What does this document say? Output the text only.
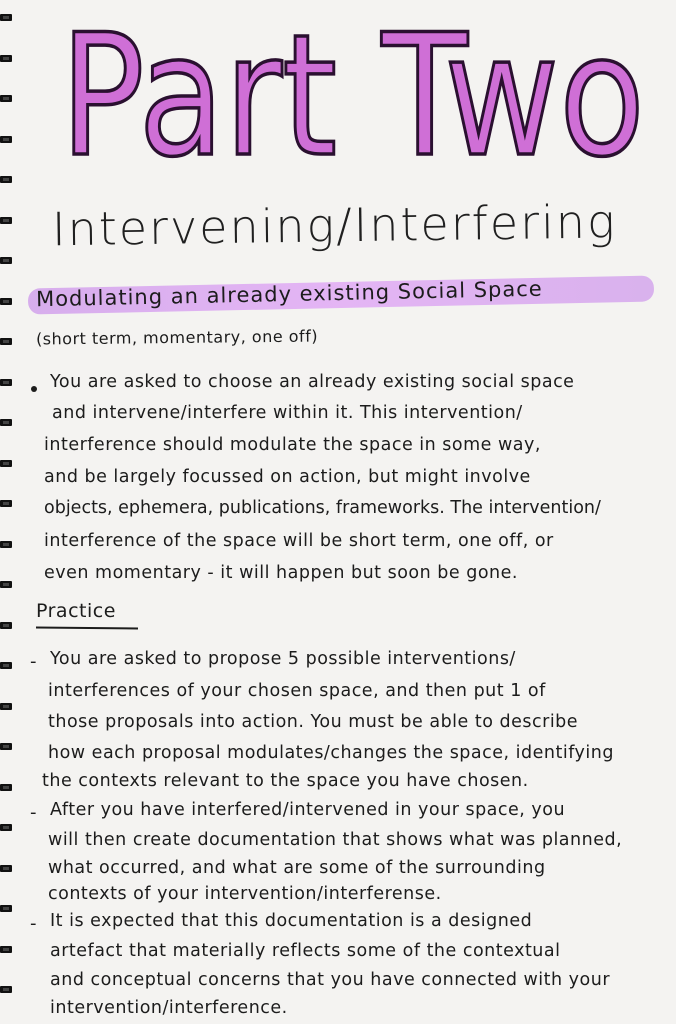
Part Two
Intervening/Interfering
Modulating an already existing Social Space
(short term, momentary, one off)
You are asked to choose an already existing social space
and intervene/interfere within it. This intervention/
interference should modulate the space in some way,
and be largely focussed on action, but might involve
objects, ephemera, publications, frameworks. The intervention/
interference of the space will be short term, one off, or
even momentary - it will happen but soon be gone.
Practice
- You are asked to propose 5 possible interventions/
interferences of your chosen space, and then put 1 of
those proposals into action. You must be able to describe
how each proposal modulates/changes the space, identifying
the contexts relevant to the space you have chosen.
- After you have interfered/intervened in your space, you
will then create documentation that shows what was planned,
what occurred, and what are some of the surrounding
contexts of your intervention/interferense.
- It is expected that this documentation is a designed
artefact that materially reflects some of the contextual
and conceptual concerns that you have connected with your
intervention/interference.
